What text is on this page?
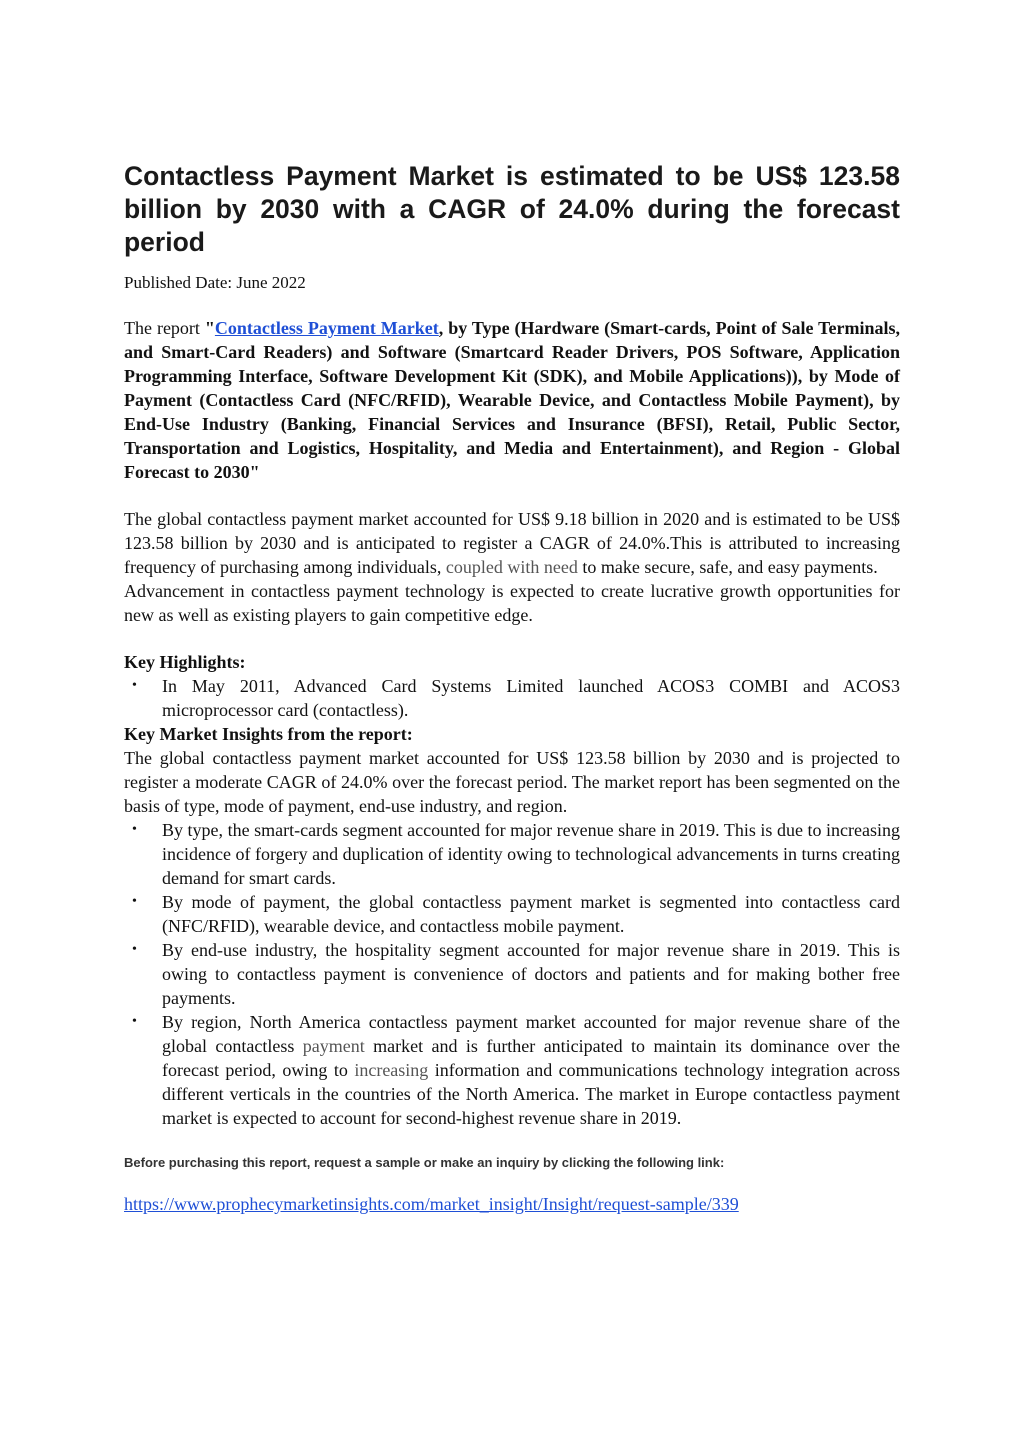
Contactless Payment Market is estimated to be US$ 123.58 billion by 2030 with a CAGR of 24.0% during the forecast period
Published Date: June 2022
The report "Contactless Payment Market, by Type (Hardware (Smart-cards, Point of Sale Terminals, and Smart-Card Readers) and Software (Smartcard Reader Drivers, POS Software, Application Programming Interface, Software Development Kit (SDK), and Mobile Applications)), by Mode of Payment (Contactless Card (NFC/RFID), Wearable Device, and Contactless Mobile Payment), by End-Use Industry (Banking, Financial Services and Insurance (BFSI), Retail, Public Sector, Transportation and Logistics, Hospitality, and Media and Entertainment), and Region - Global Forecast to 2030"
The global contactless payment market accounted for US$ 9.18 billion in 2020 and is estimated to be US$ 123.58 billion by 2030 and is anticipated to register a CAGR of 24.0%.This is attributed to increasing frequency of purchasing among individuals, coupled with need to make secure, safe, and easy payments.
Advancement in contactless payment technology is expected to create lucrative growth opportunities for new as well as existing players to gain competitive edge.
Key Highlights:
• In May 2011, Advanced Card Systems Limited launched ACOS3 COMBI and ACOS3 microprocessor card (contactless).
Key Market Insights from the report:
The global contactless payment market accounted for US$ 123.58 billion by 2030 and is projected to register a moderate CAGR of 24.0% over the forecast period. The market report has been segmented on the basis of type, mode of payment, end-use industry, and region.
• By type, the smart-cards segment accounted for major revenue share in 2019. This is due to increasing incidence of forgery and duplication of identity owing to technological advancements in turns creating demand for smart cards.
• By mode of payment, the global contactless payment market is segmented into contactless card (NFC/RFID), wearable device, and contactless mobile payment.
• By end-use industry, the hospitality segment accounted for major revenue share in 2019. This is owing to contactless payment is convenience of doctors and patients and for making bother free payments.
• By region, North America contactless payment market accounted for major revenue share of the global contactless payment market and is further anticipated to maintain its dominance over the forecast period, owing to increasing information and communications technology integration across different verticals in the countries of the North America. The market in Europe contactless payment market is expected to account for second-highest revenue share in 2019.
Before purchasing this report, request a sample or make an inquiry by clicking the following link:
https://www.prophecymarketinsights.com/market_insight/Insight/request-sample/339
